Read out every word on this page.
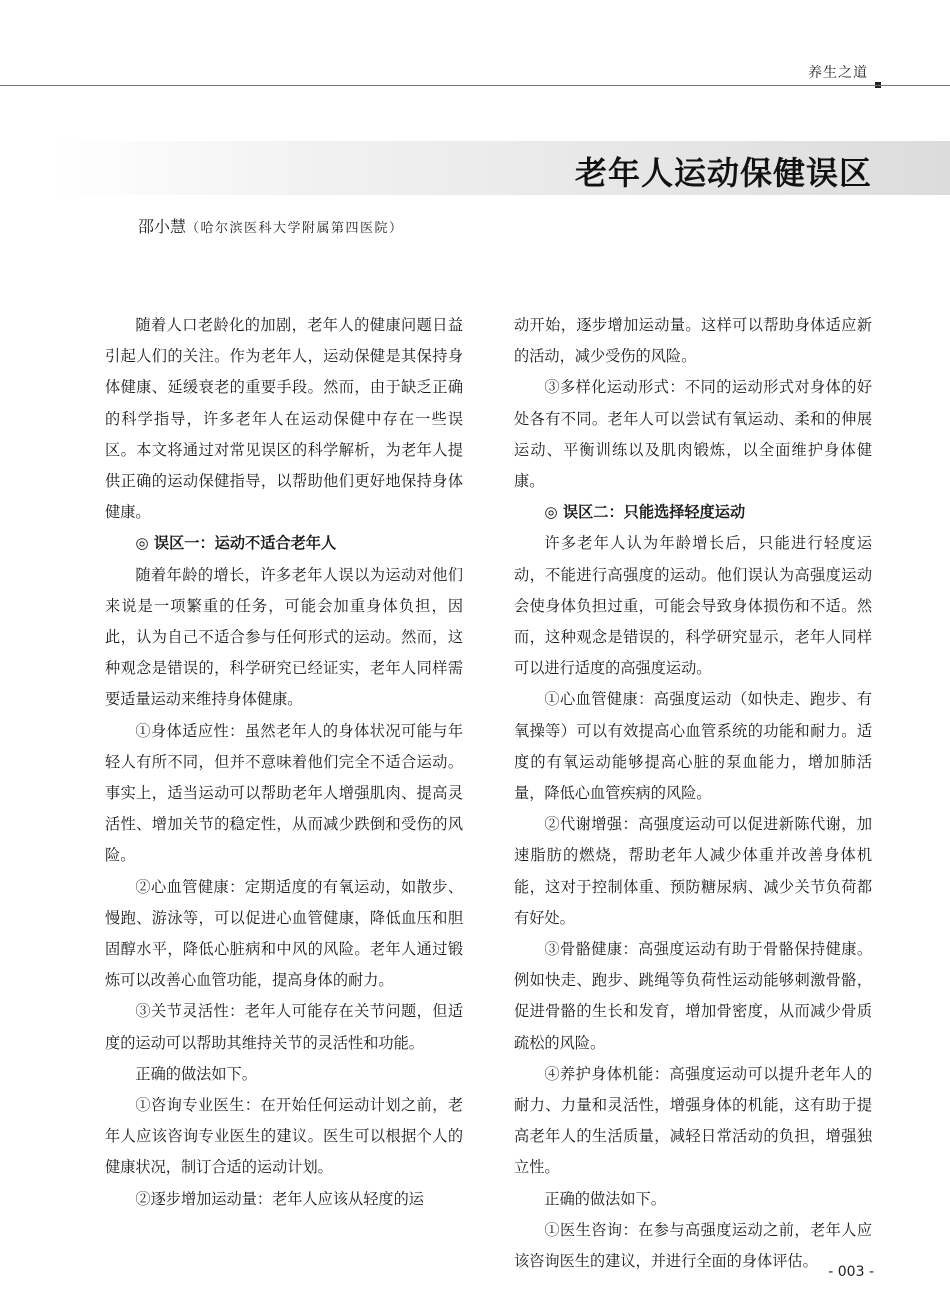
养生之道
老年人运动保健误区
邵小慧（哈尔滨医科大学附属第四医院）

随着人口老龄化的加剧，老年人的健康问题日益引起人们的关注。作为老年人，运动保健是其保持身体健康、延缓衰老的重要手段。然而，由于缺乏正确的科学指导，许多老年人在运动保健中存在一些误区。本文将通过对常见误区的科学解析，为老年人提供正确的运动保健指导，以帮助他们更好地保持身体健康。

◎ 误区一：运动不适合老年人

随着年龄的增长，许多老年人误以为运动对他们来说是一项繁重的任务，可能会加重身体负担，因此，认为自己不适合参与任何形式的运动。然而，这种观念是错误的，科学研究已经证实，老年人同样需要适量运动来维持身体健康。

①身体适应性：虽然老年人的身体状况可能与年轻人有所不同，但并不意味着他们完全不适合运动。事实上，适当运动可以帮助老年人增强肌肉、提高灵活性、增加关节的稳定性，从而减少跌倒和受伤的风险。

②心血管健康：定期适度的有氧运动，如散步、慢跑、游泳等，可以促进心血管健康，降低血压和胆固醇水平，降低心脏病和中风的风险。老年人通过锻炼可以改善心血管功能，提高身体的耐力。

③关节灵活性：老年人可能存在关节问题，但适度的运动可以帮助其维持关节的灵活性和功能。

正确的做法如下。

①咨询专业医生：在开始任何运动计划之前，老年人应该咨询专业医生的建议。医生可以根据个人的健康状况，制订合适的运动计划。

②逐步增加运动量：老年人应该从轻度的运

动开始，逐步增加运动量。这样可以帮助身体适应新的活动，减少受伤的风险。

③多样化运动形式：不同的运动形式对身体的好处各有不同。老年人可以尝试有氧运动、柔和的伸展运动、平衡训练以及肌肉锻炼，以全面维护身体健康。

◎ 误区二：只能选择轻度运动

许多老年人认为年龄增长后，只能进行轻度运动，不能进行高强度的运动。他们误认为高强度运动会使身体负担过重，可能会导致身体损伤和不适。然而，这种观念是错误的，科学研究显示，老年人同样可以进行适度的高强度运动。

①心血管健康：高强度运动（如快走、跑步、有氧操等）可以有效提高心血管系统的功能和耐力。适度的有氧运动能够提高心脏的泵血能力，增加肺活量，降低心血管疾病的风险。

②代谢增强：高强度运动可以促进新陈代谢，加速脂肪的燃烧，帮助老年人减少体重并改善身体机能，这对于控制体重、预防糖尿病、减少关节负荷都有好处。

③骨骼健康：高强度运动有助于骨骼保持健康。例如快走、跑步、跳绳等负荷性运动能够刺激骨骼，促进骨骼的生长和发育，增加骨密度，从而减少骨质疏松的风险。

④养护身体机能：高强度运动可以提升老年人的耐力、力量和灵活性，增强身体的机能，这有助于提高老年人的生活质量，减轻日常活动的负担，增强独立性。

正确的做法如下。

①医生咨询：在参与高强度运动之前，老年人应该咨询医生的建议，并进行全面的身体评估。

- 003 -
